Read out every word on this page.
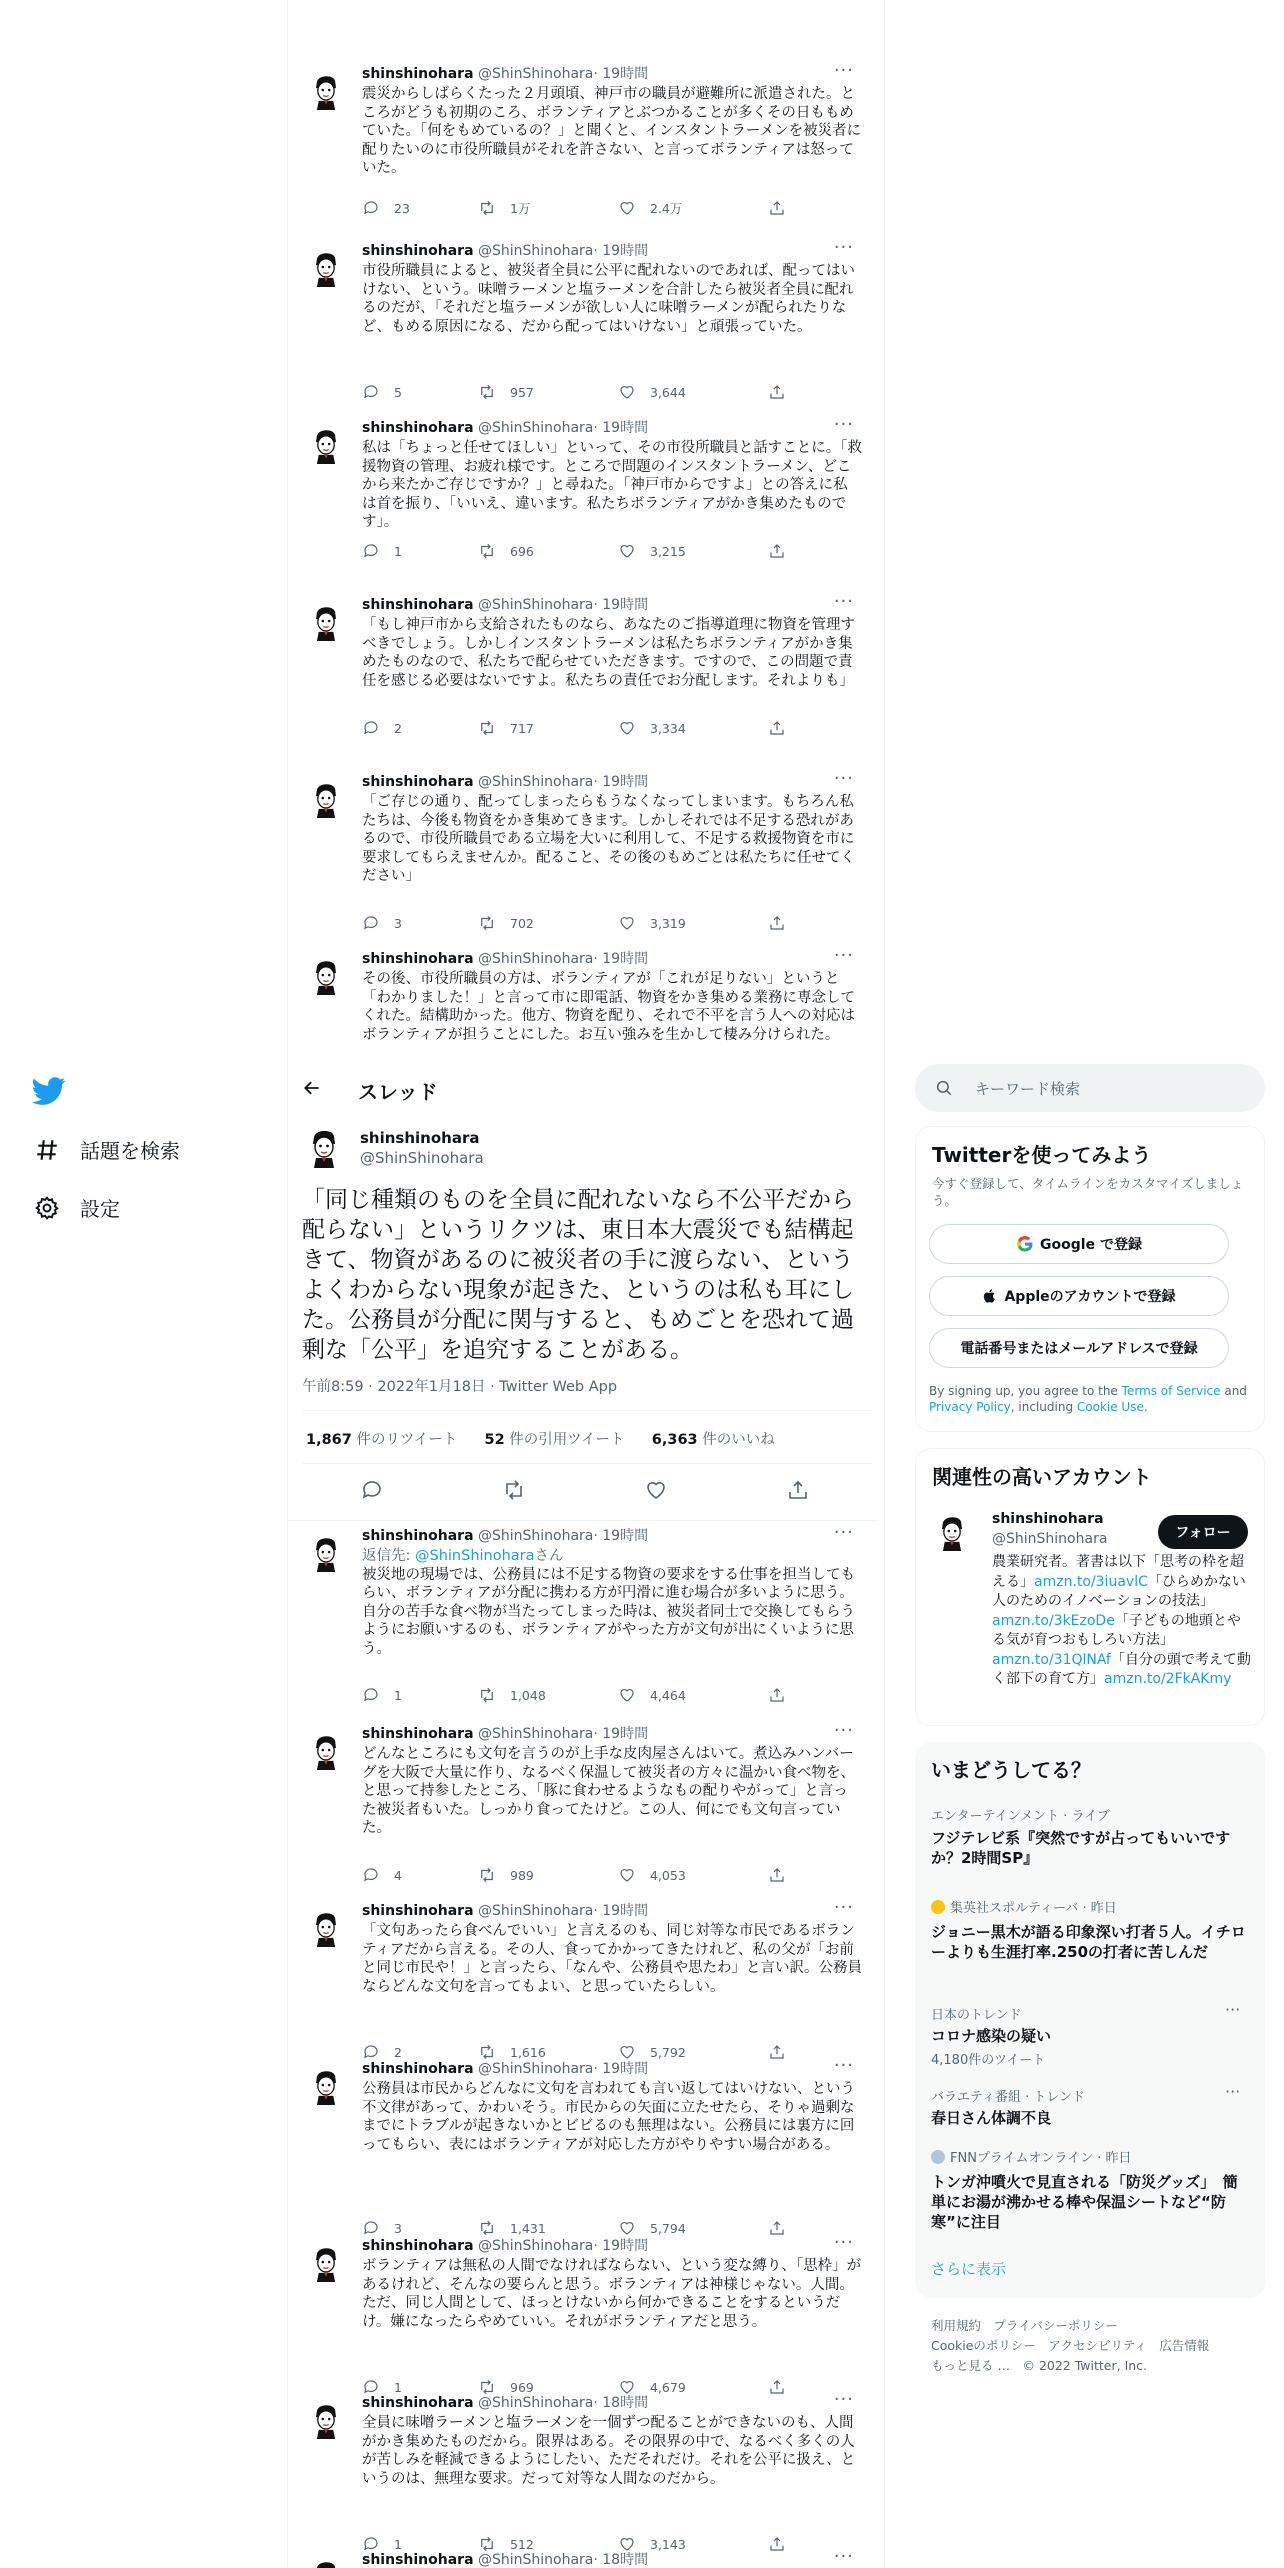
話題を検索
設定
shinshinohara @ShinShinohara· 19時間	···
震災からしばらくたった２月頭頃、神戸市の職員が避難所に派遣された。ところがどうも初期のころ、ボランティアとぶつかることが多くその日ももめていた。「何をもめているの？」と聞くと、インスタントラーメンを被災者に配りたいのに市役所職員がそれを許さない、と言ってボランティアは怒っていた。
23	1万	2.4万
shinshinohara @ShinShinohara· 19時間	···
市役所職員によると、被災者全員に公平に配れないのであれば、配ってはいけない、という。味噌ラーメンと塩ラーメンを合計したら被災者全員に配れるのだが、「それだと塩ラーメンが欲しい人に味噌ラーメンが配られたりなど、もめる原因になる、だから配ってはいけない」と頑張っていた。
5	957	3,644
shinshinohara @ShinShinohara· 19時間	···
私は「ちょっと任せてほしい」といって、その市役所職員と話すことに。「救援物資の管理、お疲れ様です。ところで問題のインスタントラーメン、どこから来たかご存じですか？」と尋ねた。「神戸市からですよ」との答えに私は首を振り、「いいえ、違います。私たちボランティアがかき集めたものです」。
1	696	3,215
shinshinohara @ShinShinohara· 19時間	···
「もし神戸市から支給されたものなら、あなたのご指導道理に物資を管理すべきでしょう。しかしインスタントラーメンは私たちボランティアがかき集めたものなので、私たちで配らせていただきます。ですので、この問題で責任を感じる必要はないですよ。私たちの責任でお分配します。それよりも」
2	717	3,334
shinshinohara @ShinShinohara· 19時間	···
「ご存じの通り、配ってしまったらもうなくなってしまいます。もちろん私たちは、今後も物資をかき集めてきます。しかしそれでは不足する恐れがあるので、市役所職員である立場を大いに利用して、不足する救援物資を市に要求してもらえませんか。配ること、その後のもめごとは私たちに任せてください」
3	702	3,319
shinshinohara @ShinShinohara· 19時間	···
その後、市役所職員の方は、ボランティアが「これが足りない」というと「わかりました！」と言って市に即電話、物資をかき集める業務に専念してくれた。結構助かった。他方、物資を配り、それで不平を言う人への対応はボランティアが担うことにした。お互い強みを生かして棲み分けられた。
スレッド
shinshinohara
@ShinShinohara
「同じ種類のものを全員に配れないなら不公平だから配らない」というリクツは、東日本大震災でも結構起きて、物資があるのに被災者の手に渡らない、というよくわからない現象が起きた、というのは私も耳にした。公務員が分配に関与すると、もめごとを恐れて過剰な「公平」を追究することがある。
午前8:59 · 2022年1月18日 · Twitter Web App
1,867 件のリツイート 52 件の引用ツイート 6,363 件のいいね
shinshinohara @ShinShinohara· 19時間	···
返信先: @ShinShinoharaさん
被災地の現場では、公務員には不足する物資の要求をする仕事を担当してもらい、ボランティアが分配に携わる方が円滑に進む場合が多いように思う。自分の苦手な食べ物が当たってしまった時は、被災者同士で交換してもらうようにお願いするのも、ボランティアがやった方が文句が出にくいように思う。
1	1,048	4,464
shinshinohara @ShinShinohara· 19時間	···
どんなところにも文句を言うのが上手な皮肉屋さんはいて。煮込みハンバーグを大阪で大量に作り、なるべく保温して被災者の方々に温かい食べ物を、と思って持参したところ、「豚に食わせるようなもの配りやがって」と言った被災者もいた。しっかり食ってたけど。この人、何にでも文句言っていた。
4	989	4,053
shinshinohara @ShinShinohara· 19時間	···
「文句あったら食べんでいい」と言えるのも、同じ対等な市民であるボランティアだから言える。その人、食ってかかってきたけれど、私の父が「お前と同じ市民や！」と言ったら、「なんや、公務員や思たわ」と言い訳。公務員ならどんな文句を言ってもよい、と思っていたらしい。
2	1,616	5,792
shinshinohara @ShinShinohara· 19時間	···
公務員は市民からどんなに文句を言われても言い返してはいけない、という不文律があって、かわいそう。市民からの矢面に立たせたら、そりゃ過剰なまでにトラブルが起きないかとビビるのも無理はない。公務員には裏方に回ってもらい、表にはボランティアが対応した方がやりやすい場合がある。
3	1,431	5,794
shinshinohara @ShinShinohara· 19時間	···
ボランティアは無私の人間でなければならない、という変な縛り、「思枠」があるけれど、そんなの要らんと思う。ボランティアは神様じゃない。人間。ただ、同じ人間として、ほっとけないから何かできることをするというだけ。嫌になったらやめていい。それがボランティアだと思う。
1	969	4,679
shinshinohara @ShinShinohara· 18時間	···
全員に味噌ラーメンと塩ラーメンを一個ずつ配ることができないのも、人間がかき集めたものだから。限界はある。その限界の中で、なるべく多くの人が苦しみを軽減できるようにしたい、ただそれだけ。それを公平に扱え、というのは、無理な要求。だって対等な人間なのだから。
1	512	3,143
shinshinohara @ShinShinohara· 18時間	···
キーワード検索
Twitterを使ってみよう
今すぐ登録して、タイムラインをカスタマイズしましょう。
Google で登録
Appleのアカウントで登録
電話番号またはメールアドレスで登録
By signing up, you agree to the Terms of Service and Privacy Policy, including Cookie Use.
関連性の高いアカウント
shinshinohara
@ShinShinohara	フォロー
農業研究者。著書は以下「思考の枠を超える」amzn.to/3iuavlC「ひらめかない人のためのイノベーションの技法」amzn.to/3kEzoDe「子どもの地頭とやる気が育つおもしろい方法」amzn.to/31QlNAf「自分の頭で考えて動く部下の育て方」amzn.to/2FkAKmy
いまどうしてる？
エンターテインメント · ライブ
フジテレビ系『突然ですが占ってもいいですか？2時間SP』
集英社スポルティーバ · 昨日
ジョニー黒木が語る印象深い打者５人。イチローよりも生涯打率.250の打者に苦しんだ
日本のトレンド
コロナ感染の疑い
4,180件のツイート
···
バラエティ番組 · トレンド
春日さん体調不良
···
FNNプライムオンライン · 昨日
トンガ沖噴火で見直される「防災グッズ」　簡単にお湯が沸かせる棒や保温シートなど“防寒”に注目
さらに表示
利用規約　プライバシーポリシー
Cookieのポリシー　アクセシビリティ　広告情報
もっと見る …　© 2022 Twitter, Inc.
